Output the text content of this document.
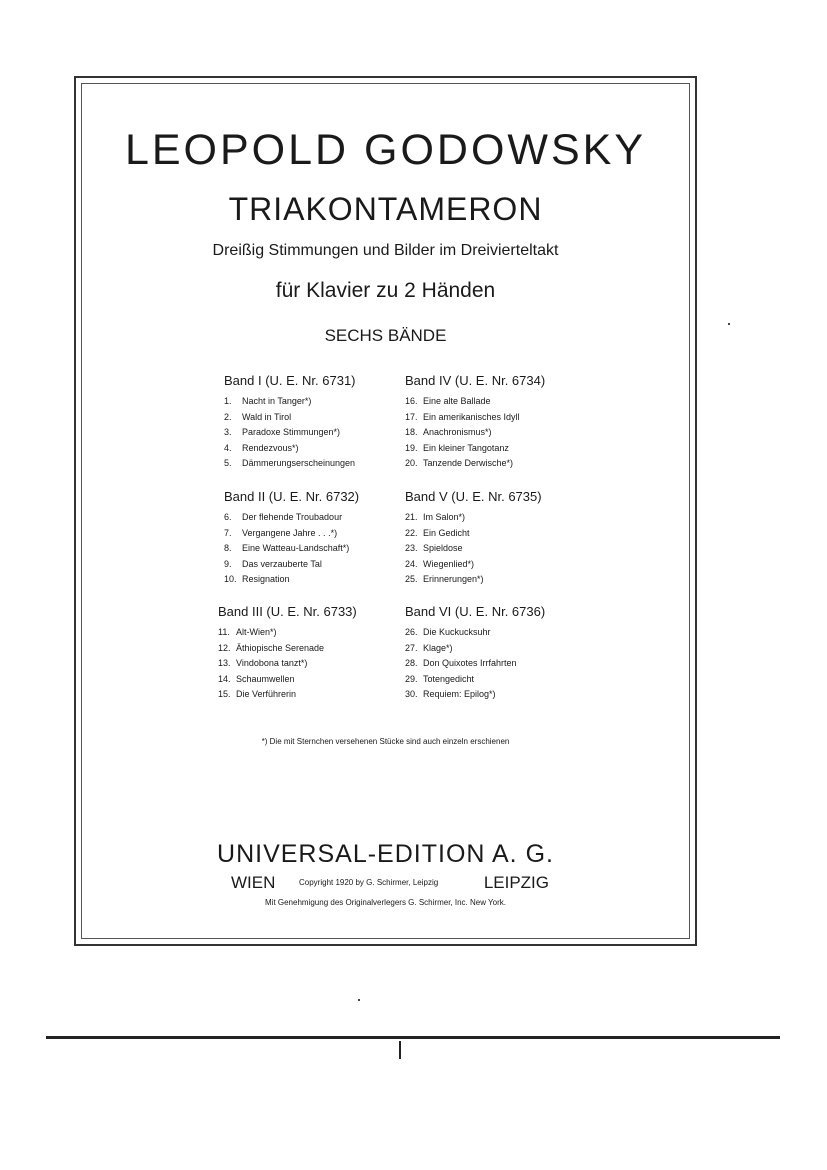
LEOPOLD GODOWSKY
TRIAKONTAMERON
Dreißig Stimmungen und Bilder im Dreivierteltakt
für Klavier zu 2 Händen
SECHS BÄNDE
Band I (U. E. Nr. 6731)
1. Nacht in Tanger*)
2. Wald in Tirol
3. Paradoxe Stimmungen*)
4. Rendezvous*)
5. Dämmerungserscheinungen
Band II (U. E. Nr. 6732)
6. Der flehende Troubadour
7. Vergangene Jahre . . .*)
8. Eine Watteau-Landschaft*)
9. Das verzauberte Tal
10. Resignation
Band III (U. E. Nr. 6733)
11. Alt-Wien*)
12. Äthiopische Serenade
13. Vindobona tanzt*)
14. Schaumwellen
15. Die Verführerin
Band IV (U. E. Nr. 6734)
16. Eine alte Ballade
17. Ein amerikanisches Idyll
18. Anachronismus*)
19. Ein kleiner Tangotanz
20. Tanzende Derwische*)
Band V (U. E. Nr. 6735)
21. Im Salon*)
22. Ein Gedicht
23. Spieldose
24. Wiegenlied*)
25. Erinnerungen*)
Band VI (U. E. Nr. 6736)
26. Die Kuckucksuhr
27. Klage*)
28. Don Quixotes Irrfahrten
29. Totengedicht
30. Requiem: Epilog*)
*) Die mit Sternchen versehenen Stücke sind auch einzeln erschienen
UNIVERSAL-EDITION A. G.
WIEN	Copyright 1920 by G. Schirmer, Leipzig	LEIPZIG
Mit Genehmigung des Originalverlegers G. Schirmer, Inc. New York.
